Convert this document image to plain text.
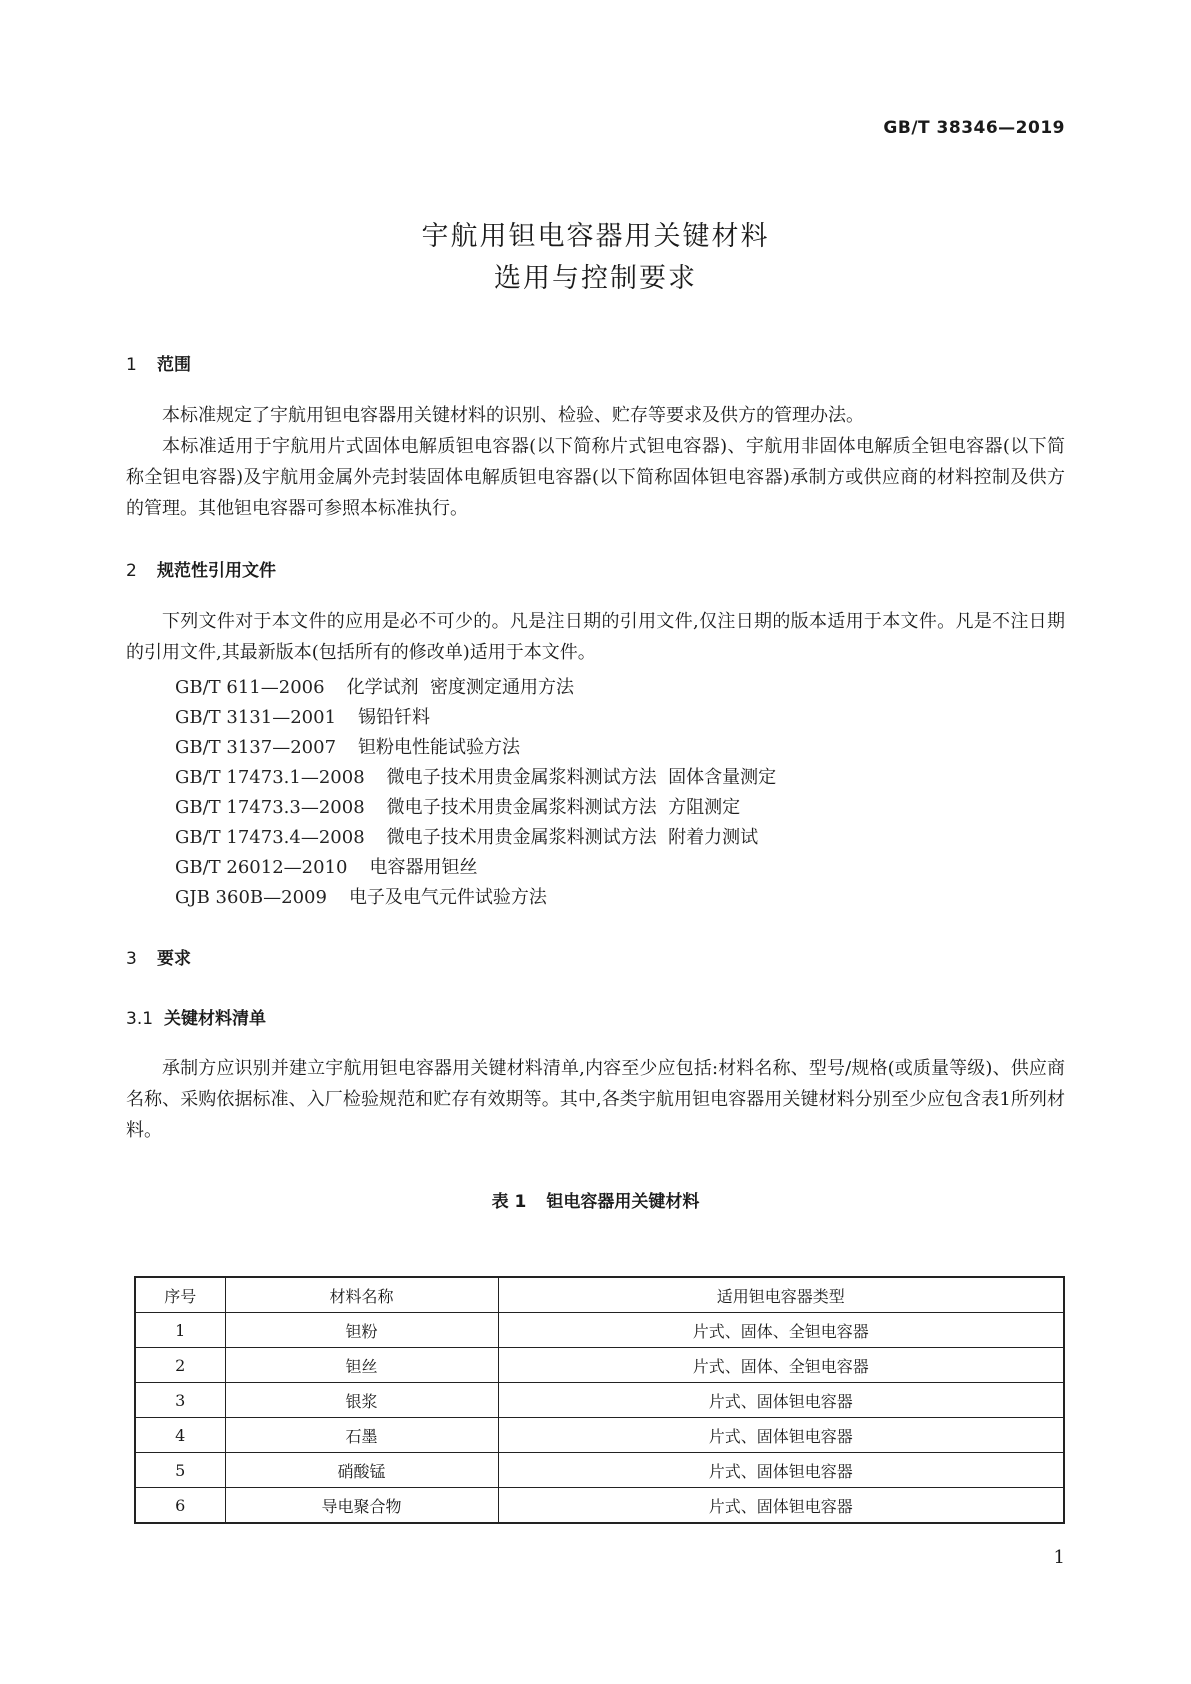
GB/T 38346—2019
宇航用钽电容器用关键材料
选用与控制要求
1 范围

本标准规定了宇航用钽电容器用关键材料的识别、检验、贮存等要求及供方的管理办法。

本标准适用于宇航用片式固体电解质钽电容器(以下简称片式钽电容器)、宇航用非固体电解质全钽电容器(以下简称全钽电容器)及宇航用金属外壳封装固体电解质钽电容器(以下简称固体钽电容器)承制方或供应商的材料控制及供方的管理。其他钽电容器可参照本标准执行。

2 规范性引用文件

下列文件对于本文件的应用是必不可少的。凡是注日期的引用文件,仅注日期的版本适用于本文件。凡是不注日期的引用文件,其最新版本(包括所有的修改单)适用于本文件。

GB/T 611—2006 化学试剂  密度测定通用方法
GB/T 3131—2001 锡铅钎料
GB/T 3137—2007 钽粉电性能试验方法
GB/T 17473.1—2008 微电子技术用贵金属浆料测试方法  固体含量测定
GB/T 17473.3—2008 微电子技术用贵金属浆料测试方法  方阻测定
GB/T 17473.4—2008 微电子技术用贵金属浆料测试方法  附着力测试
GB/T 26012—2010 电容器用钽丝
GJB 360B—2009 电子及电气元件试验方法
3 要求
3.1 关键材料清单

承制方应识别并建立宇航用钽电容器用关键材料清单,内容至少应包括:材料名称、型号/规格(或质量等级)、供应商名称、采购依据标准、入厂检验规范和贮存有效期等。其中,各类宇航用钽电容器用关键材料分别至少应包含表1所列材料。

表 1 钽电容器用关键材料
序号	材料名称	适用钽电容器类型
1	钽粉	片式、固体、全钽电容器
2	钽丝	片式、固体、全钽电容器
3	银浆	片式、固体钽电容器
4	石墨	片式、固体钽电容器
5	硝酸锰	片式、固体钽电容器
6	导电聚合物	片式、固体钽电容器
1
